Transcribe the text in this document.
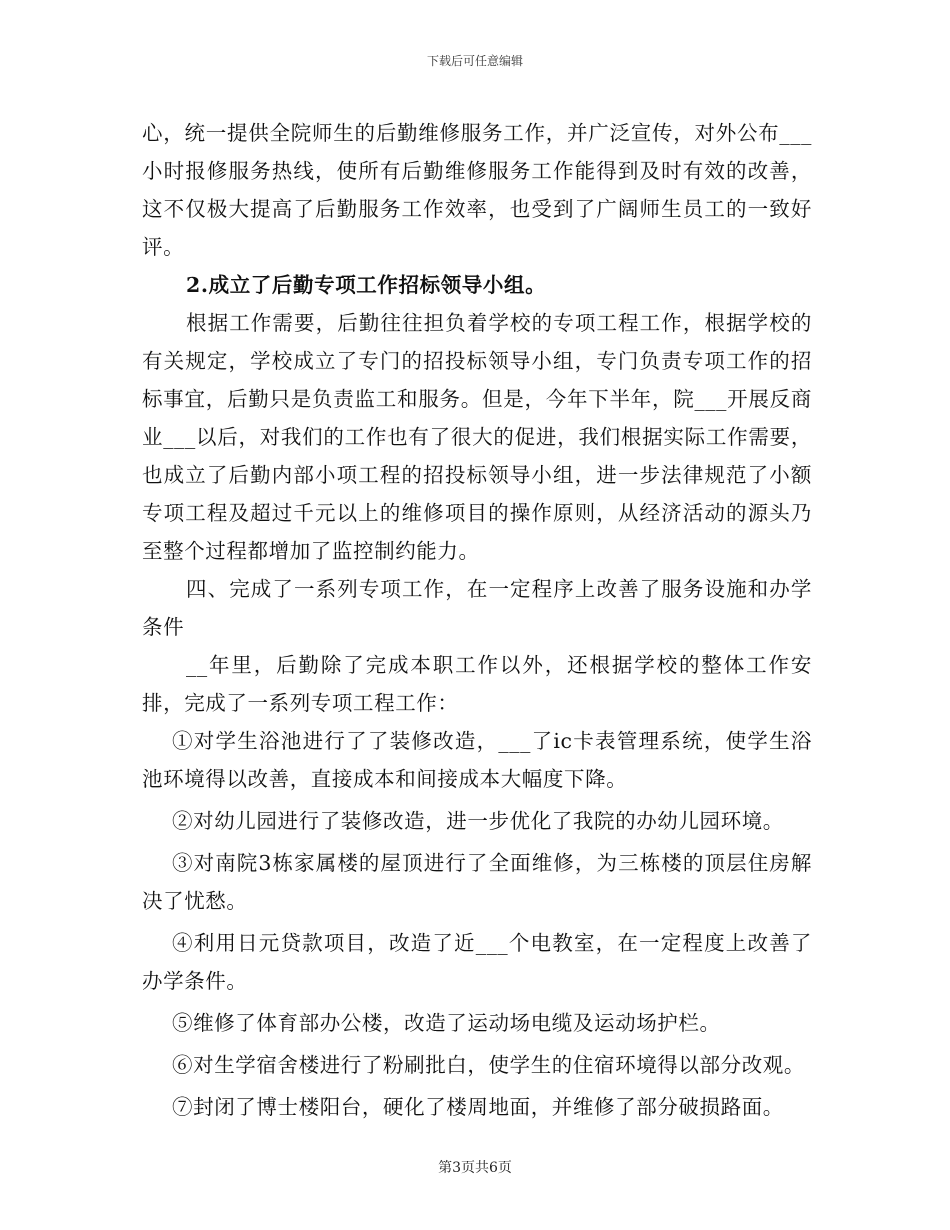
下载后可任意编辑

心，统一提供全院师生的后勤维修服务工作，并广泛宣传，对外公布___小时报修服务热线，使所有后勤维修服务工作能得到及时有效的改善，这不仅极大提高了后勤服务工作效率，也受到了广阔师生员工的一致好评。

2.成立了后勤专项工作招标领导小组。

根据工作需要，后勤往往担负着学校的专项工程工作，根据学校的有关规定，学校成立了专门的招投标领导小组，专门负责专项工作的招标事宜，后勤只是负责监工和服务。但是，今年下半年，院___开展反商业___以后，对我们的工作也有了很大的促进，我们根据实际工作需要，也成立了后勤内部小项工程的招投标领导小组，进一步法律规范了小额专项工程及超过千元以上的维修项目的操作原则，从经济活动的源头乃至整个过程都增加了监控制约能力。

四、完成了一系列专项工作，在一定程序上改善了服务设施和办学条件

__年里，后勤除了完成本职工作以外，还根据学校的整体工作安排，完成了一系列专项工程工作：

①对学生浴池进行了了装修改造，___了ic卡表管理系统，使学生浴池环境得以改善，直接成本和间接成本大幅度下降。

②对幼儿园进行了装修改造，进一步优化了我院的办幼儿园环境。

③对南院3栋家属楼的屋顶进行了全面维修，为三栋楼的顶层住房解决了忧愁。

④利用日元贷款项目，改造了近___个电教室，在一定程度上改善了办学条件。

⑤维修了体育部办公楼，改造了运动场电缆及运动场护栏。

⑥对生学宿舍楼进行了粉刷批白，使学生的住宿环境得以部分改观。

⑦封闭了博士楼阳台，硬化了楼周地面，并维修了部分破损路面。

第3页共6页
